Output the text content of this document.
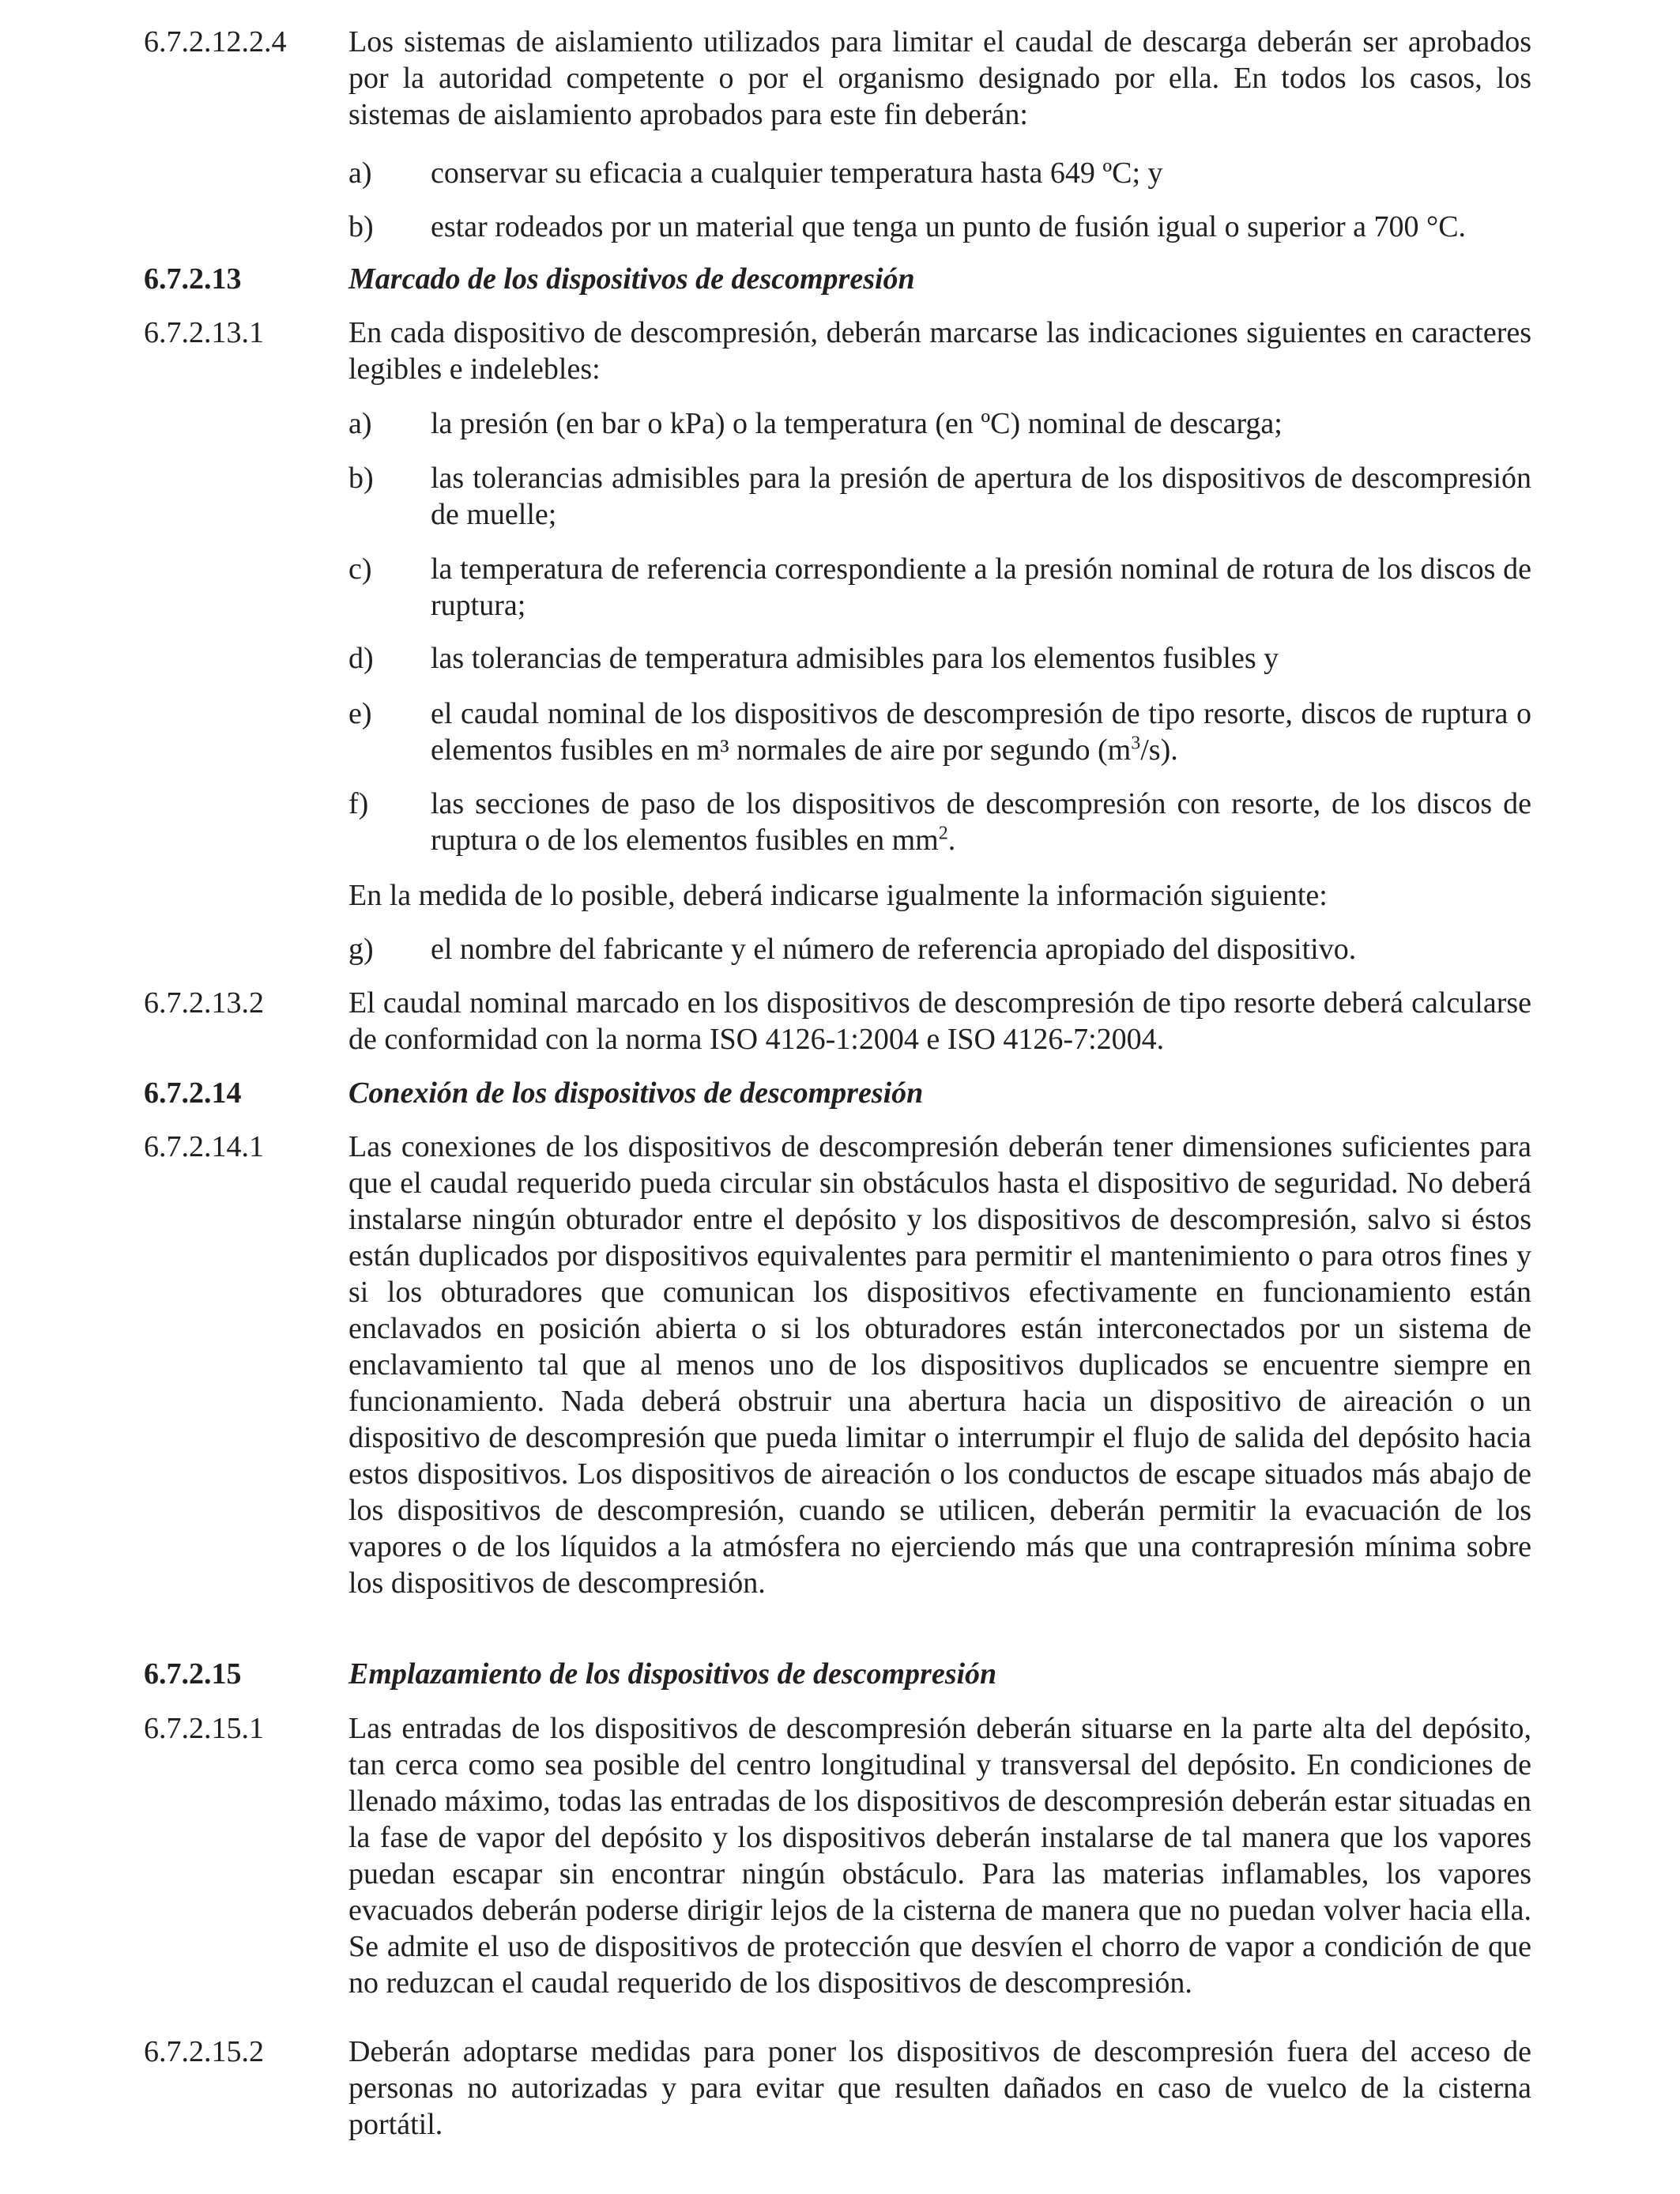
6.7.2.12.2.4 Los sistemas de aislamiento utilizados para limitar el caudal de descarga deberán ser aprobados por la autoridad competente o por el organismo designado por ella. En todos los casos, los sistemas de aislamiento aprobados para este fin deberán:
a) conservar su eficacia a cualquier temperatura hasta 649 ºC; y
b) estar rodeados por un material que tenga un punto de fusión igual o superior a 700 °C.
6.7.2.13	Marcado de los dispositivos de descompresión
6.7.2.13.1	En cada dispositivo de descompresión, deberán marcarse las indicaciones siguientes en caracteres legibles e indelebles:
a) la presión (en bar o kPa) o la temperatura (en ºC) nominal de descarga;
b) las tolerancias admisibles para la presión de apertura de los dispositivos de descompresión de muelle;
c) la temperatura de referencia correspondiente a la presión nominal de rotura de los discos de ruptura;
d) las tolerancias de temperatura admisibles para los elementos fusibles y
e) el caudal nominal de los dispositivos de descompresión de tipo resorte, discos de ruptura o elementos fusibles en m³ normales de aire por segundo $(m^3/s)$.
f) las secciones de paso de los dispositivos de descompresión con resorte, de los discos de ruptura o de los elementos fusibles en $mm^2$.
En la medida de lo posible, deberá indicarse igualmente la información siguiente:
g) el nombre del fabricante y el número de referencia apropiado del dispositivo.
6.7.2.13.2	El caudal nominal marcado en los dispositivos de descompresión de tipo resorte deberá calcularse de conformidad con la norma ISO 4126-1:2004 e ISO 4126-7:2004.
6.7.2.14	Conexión de los dispositivos de descompresión
6.7.2.14.1	Las conexiones de los dispositivos de descompresión deberán tener dimensiones suficientes para que el caudal requerido pueda circular sin obstáculos hasta el dispositivo de seguridad. No deberá instalarse ningún obturador entre el depósito y los dispositivos de descompresión, salvo si éstos están duplicados por dispositivos equivalentes para permitir el mantenimiento o para otros fines y si los obturadores que comunican los dispositivos efectivamente en funcionamiento están enclavados en posición abierta o si los obturadores están interconectados por un sistema de enclavamiento tal que al menos uno de los dispositivos duplicados se encuentre siempre en funcionamiento. Nada deberá obstruir una abertura hacia un dispositivo de aireación o un dispositivo de descompresión que pueda limitar o interrumpir el flujo de salida del depósito hacia estos dispositivos. Los dispositivos de aireación o los conductos de escape situados más abajo de los dispositivos de descompresión, cuando se utilicen, deberán permitir la evacuación de los vapores o de los líquidos a la atmósfera no ejerciendo más que una contrapresión mínima sobre los dispositivos de descompresión.
6.7.2.15	Emplazamiento de los dispositivos de descompresión
6.7.2.15.1	Las entradas de los dispositivos de descompresión deberán situarse en la parte alta del depósito, tan cerca como sea posible del centro longitudinal y transversal del depósito. En condiciones de llenado máximo, todas las entradas de los dispositivos de descompresión deberán estar situadas en la fase de vapor del depósito y los dispositivos deberán instalarse de tal manera que los vapores puedan escapar sin encontrar ningún obstáculo. Para las materias inflamables, los vapores evacuados deberán poderse dirigir lejos de la cisterna de manera que no puedan volver hacia ella. Se admite el uso de dispositivos de protección que desvíen el chorro de vapor a condición de que no reduzcan el caudal requerido de los dispositivos de descompresión.
6.7.2.15.2	Deberán adoptarse medidas para poner los dispositivos de descompresión fuera del acceso de personas no autorizadas y para evitar que resulten dañados en caso de vuelco de la cisterna portátil.
